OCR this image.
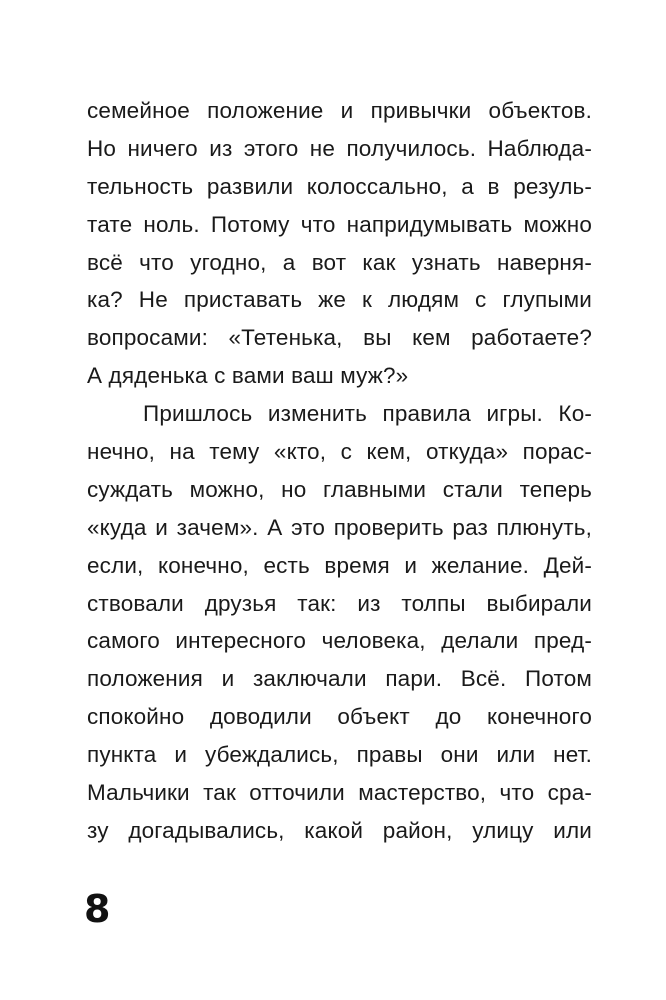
семейное положение и привычки объектов.
Но ничего из этого не получилось. Наблюда-
тельность развили колоссально, а в резуль-
тате ноль. Потому что напридумывать можно
всё что угодно, а вот как узнать наверня-
ка? Не приставать же к людям с глупыми
вопросами: «Тетенька, вы кем работаете?
А дяденька с вами ваш муж?»
Пришлось изменить правила игры. Ко-
нечно, на тему «кто, с кем, откуда» порас-
суждать можно, но главными стали теперь
«куда и зачем». А это проверить раз плюнуть,
если, конечно, есть время и желание. Дей-
ствовали друзья так: из толпы выбирали
самого интересного человека, делали пред-
положения и заключали пари. Всё. Потом
спокойно доводили объект до конечного
пункта и убеждались, правы они или нет.
Мальчики так отточили мастерство, что сра-
зу догадывались, какой район, улицу или
8
